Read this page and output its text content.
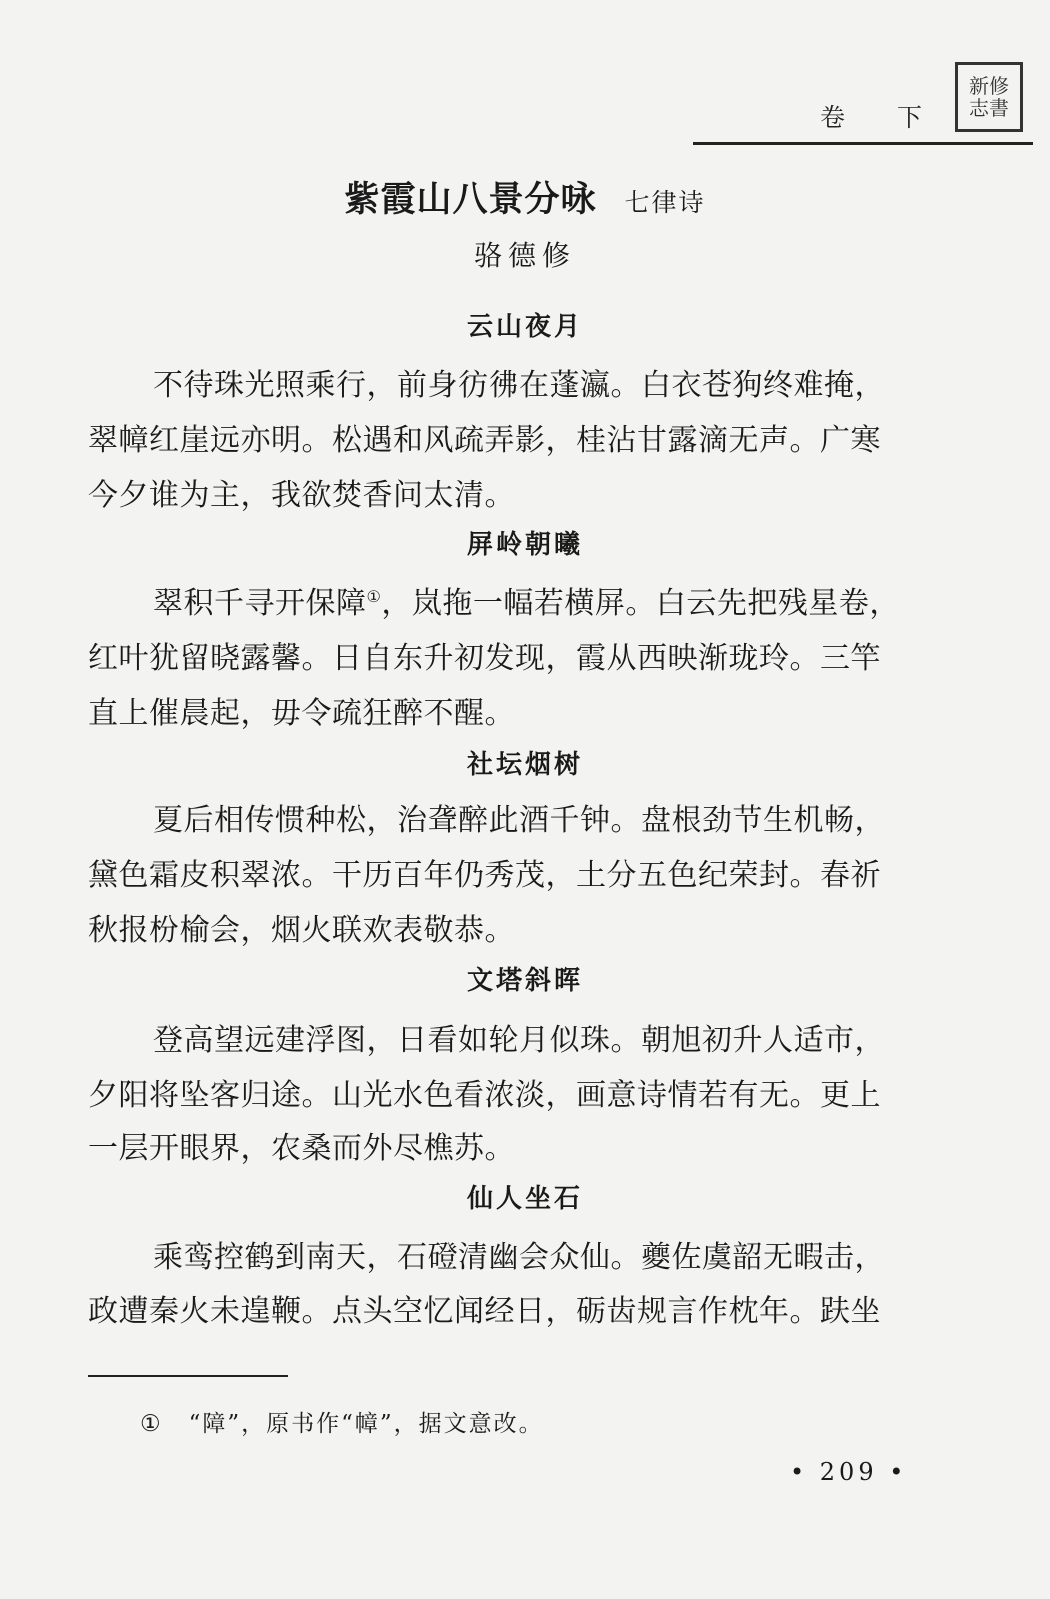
新修
志書
卷 下
紫霞山八景分咏 七律诗
骆德修
云山夜月
不待珠光照乘行，前身彷彿在蓬瀛。白衣苍狗终难掩，
翠幛红崖远亦明。松遇和风疏弄影，桂沾甘露滴无声。广寒
今夕谁为主，我欲焚香问太清。
屏岭朝曦
翠积千寻开保障①，岚拖一幅若横屏。白云先把残星卷，
红叶犹留晓露馨。日自东升初发现，霞从西映渐珑玲。三竿
直上催晨起，毋令疏狂醉不醒。
社坛烟树
夏后相传惯种松，治聋醉此酒千钟。盘根劲节生机畅，
黛色霜皮积翠浓。干历百年仍秀茂，土分五色纪荣封。春祈
秋报枌榆会，烟火联欢表敬恭。
文塔斜晖
登高望远建浮图，日看如轮月似珠。朝旭初升人适市，
夕阳将坠客归途。山光水色看浓淡，画意诗情若有无。更上
一层开眼界，农桑而外尽樵苏。
仙人坐石
乘鸾控鹤到南天，石磴清幽会众仙。夔佐虞韶无暇击，
政遭秦火未遑鞭。点头空忆闻经日，砺齿规言作枕年。趺坐
① “障”，原书作“幛”，据文意改。
• 209 •
